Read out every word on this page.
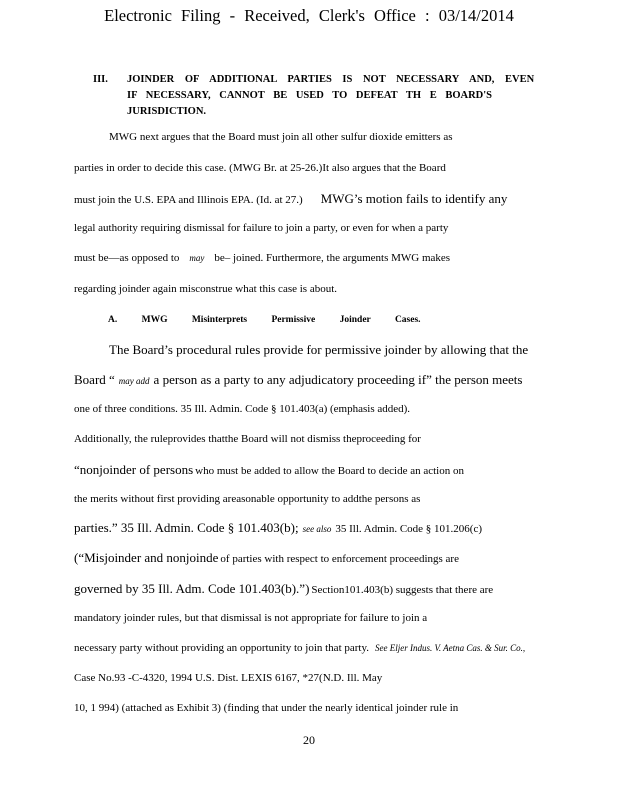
Electronic Filing - Received, Clerk's Office : 03/14/2014
III. JOINDER OF ADDITIONAL PARTIES IS NOT NECESSARY AND, EVEN
IF NECESSARY, CANNOT BE USED TO DEFEAT TH E BOARD'S
JURISDICTION.
MWG next argues that the Board must join all other sulfur dioxide emitters as
parties in order to decide this case. (MWG Br. at 25-26.)It also argues that the Board
must join the U.S. EPA and Illinois EPA. (Id. at 27.) MWG’s motion fails to identify any
legal authority requiring dismissal for failure to join a party, or even for when a party
must be—as opposed to may be– joined. Furthermore, the arguments MWG makes
regarding joinder again misconstrue what this case is about.
A. MWG Misinterprets Permissive Joinder Cases.
The Board’s procedural rules provide for permissive joinder by allowing that the
Board “ may add a person as a party to any adjudicatory proceeding if” the person meets
one of three conditions. 35 Ill. Admin. Code § 101.403(a) (emphasis added).
Additionally, the ruleprovides thatthe Board will not dismiss theproceeding for
“nonjoinder of persons who must be added to allow the Board to decide an action on
the merits without first providing areasonable opportunity to addthe persons as
parties.” 35 Ill. Admin. Code § 101.403(b); see also 35 Ill. Admin. Code § 101.206(c)
(“Misjoinder and nonjoinde of parties with respect to enforcement proceedings are
governed by 35 Ill. Adm. Code 101.403(b).”) Section101.403(b) suggests that there are
mandatory joinder rules, but that dismissal is not appropriate for failure to join a
necessary party without providing an opportunity to join that party. See Eljer Indus. V. Aetna Cas. & Sur. Co.,
Case No.93 -C-4320, 1994 U.S. Dist. LEXIS 6167, *27(N.D. Ill. May
10, 1 994) (attached as Exhibit 3) (finding that under the nearly identical joinder rule in
20
